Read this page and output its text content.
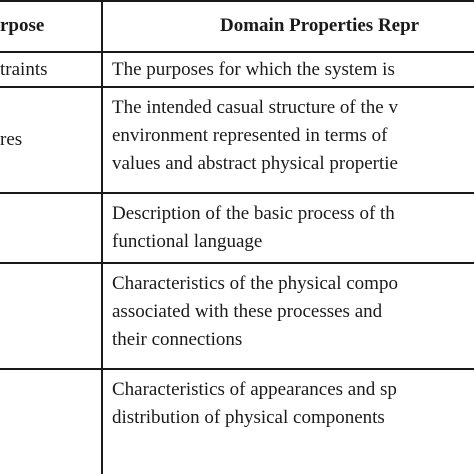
rpose	Domain Properties Repr
traints	The purposes for which the system is
res
The intended casual structure of the v
environment represented in terms of
values and abstract physical propertie
Description of the basic process of th
functional language
Characteristics of the physical compo
associated with these processes and
their connections
Characteristics of appearances and sp
distribution of physical components
